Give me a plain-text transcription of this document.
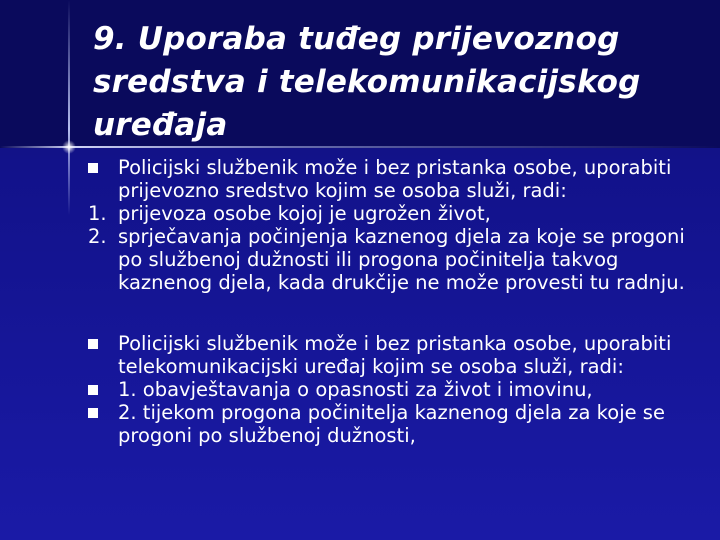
9. Uporaba tuđeg prijevoznog sredstva i telekomunikacijskog uređaja
Policijski službenik može i bez pristanka osobe, uporabiti prijevozno sredstvo kojim se osoba služi, radi:
1. prijevoza osobe kojoj je ugrožen život,
2. sprječavanja počinjenja kaznenog djela za koje se progoni po službenoj dužnosti ili progona počinitelja takvog kaznenog djela, kada drukčije ne može provesti tu radnju.
Policijski službenik može i bez pristanka osobe, uporabiti telekomunikacijski uređaj kojim se osoba služi, radi:
1. obavještavanja o opasnosti za život i imovinu,
2. tijekom progona počinitelja kaznenog djela za koje se progoni po službenoj dužnosti,
